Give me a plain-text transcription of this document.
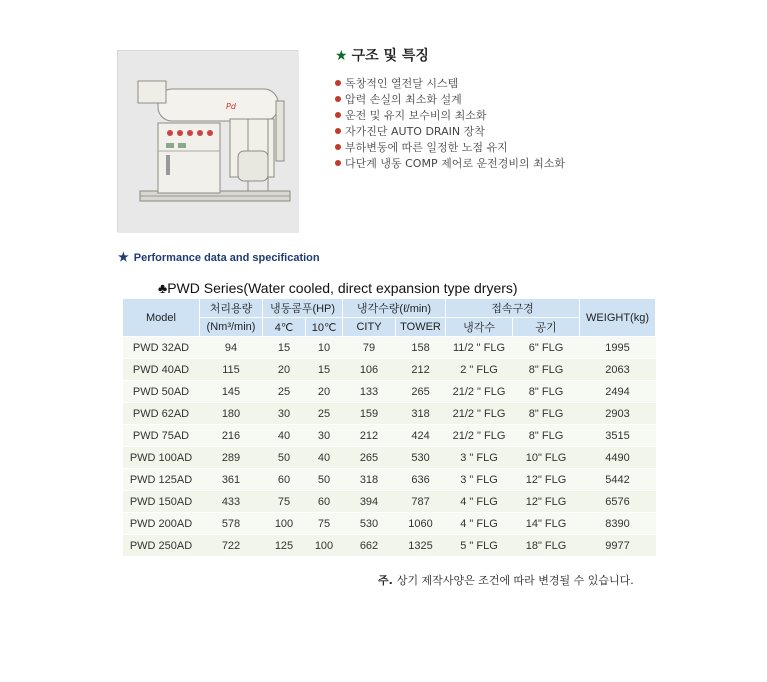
Pd
★ 구조 및 특징
독창적인 열전달 시스템
압력 손실의 최소화 설계
운전 및 유지 보수비의 최소화
자가진단 AUTO DRAIN 장착
부하변동에 따른 일정한 노점 유지
다단계 냉동 COMP 제어로 운전경비의 최소화
★ Performance data and specification
♣PWD Series(Water cooled, direct expansion type dryers)
Model	처리용량	냉동콤푸(HP)		냉각수량(ℓ/min)		접속구경		WEIGHT(kg)
	(Nm³/min)	4℃	10℃	CITY	TOWER	냉각수	공기	
PWD 32AD	94	15	10	79	158	11/2 " FLG	6" FLG	1995
PWD 40AD	115	20	15	106	212	2 " FLG	8" FLG	2063
PWD 50AD	145	25	20	133	265	21/2 " FLG	8" FLG	2494
PWD 62AD	180	30	25	159	318	21/2 " FLG	8" FLG	2903
PWD 75AD	216	40	30	212	424	21/2 " FLG	8" FLG	3515
PWD 100AD	289	50	40	265	530	3 " FLG	10" FLG	4490
PWD 125AD	361	60	50	318	636	3 " FLG	12" FLG	5442
PWD 150AD	433	75	60	394	787	4 " FLG	12" FLG	6576
PWD 200AD	578	100	75	530	1060	4 " FLG	14" FLG	8390
PWD 250AD	722	125	100	662	1325	5 " FLG	18" FLG	9977
주. 상기 제작사양은 조건에 따라 변경될 수 있습니다.
